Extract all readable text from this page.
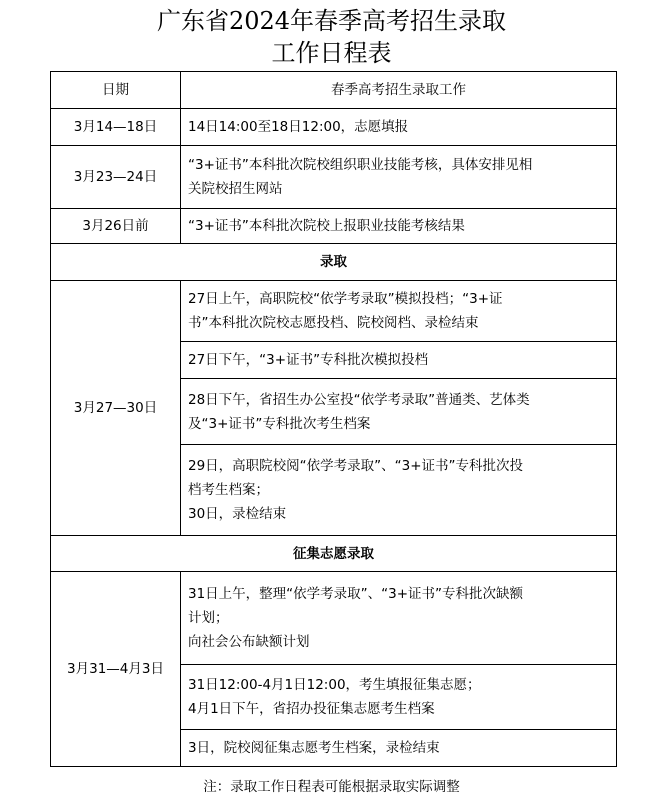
广东省2024年春季高考招生录取
工作日程表
日期	春季高考招生录取工作
3月14—18日	14日14:00至18日12:00，志愿填报

3月23—24日	“3+证书”本科批次院校组织职业技能考核，具体安排见相
关院校招生网站

3月26日前	“3+证书”本科批次院校上报职业技能考核结果

录取	
3月27—30日	27日上午，高职院校“依学考录取”模拟投档；“3+证
书”本科批次院校志愿投档、院校阅档、录检结束

	27日下午，“3+证书”专科批次模拟投档

	28日下午，省招生办公室投“依学考录取”普通类、艺体类
及“3+证书”专科批次考生档案

	29日，高职院校阅“依学考录取”、“3+证书”专科批次投
档考生档案；
30日，录检结束

征集志愿录取	
3月31—4月3日	31日上午，整理“依学考录取”、“3+证书”专科批次缺额
计划；
向社会公布缺额计划

	31日12:00-4月1日12:00，考生填报征集志愿；
4月1日下午，省招办投征集志愿考生档案

	3日，院校阅征集志愿考生档案，录检结束
注：录取工作日程表可能根据录取实际调整
